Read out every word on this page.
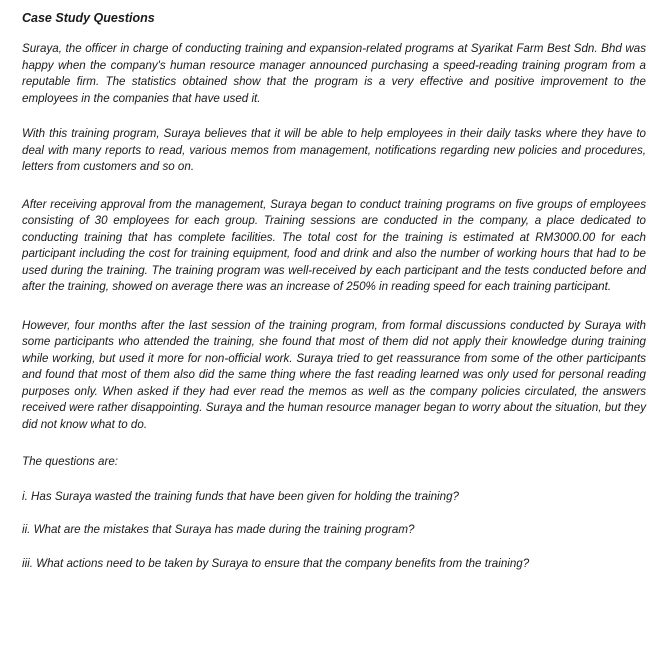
Case Study Questions

Suraya, the officer in charge of conducting training and expansion-related programs at Syarikat Farm Best Sdn. Bhd was happy when the company's human resource manager announced purchasing a speed-reading training program from a reputable firm. The statistics obtained show that the program is a very effective and positive improvement to the employees in the companies that have used it.

With this training program, Suraya believes that it will be able to help employees in their daily tasks where they have to deal with many reports to read, various memos from management, notifications regarding new policies and procedures, letters from customers and so on.

After receiving approval from the management, Suraya began to conduct training programs on five groups of employees consisting of 30 employees for each group. Training sessions are conducted in the company, a place dedicated to conducting training that has complete facilities. The total cost for the training is estimated at RM3000.00 for each participant including the cost for training equipment, food and drink and also the number of working hours that had to be used during the training. The training program was well-received by each participant and the tests conducted before and after the training, showed on average there was an increase of 250% in reading speed for each training participant.

However, four months after the last session of the training program, from formal discussions conducted by Suraya with some participants who attended the training, she found that most of them did not apply their knowledge during training while working, but used it more for non-official work. Suraya tried to get reassurance from some of the other participants and found that most of them also did the same thing where the fast reading learned was only used for personal reading purposes only. When asked if they had ever read the memos as well as the company policies circulated, the answers received were rather disappointing. Suraya and the human resource manager began to worry about the situation, but they did not know what to do.

The questions are:

i. Has Suraya wasted the training funds that have been given for holding the training?

ii. What are the mistakes that Suraya has made during the training program?

iii. What actions need to be taken by Suraya to ensure that the company benefits from the training?
